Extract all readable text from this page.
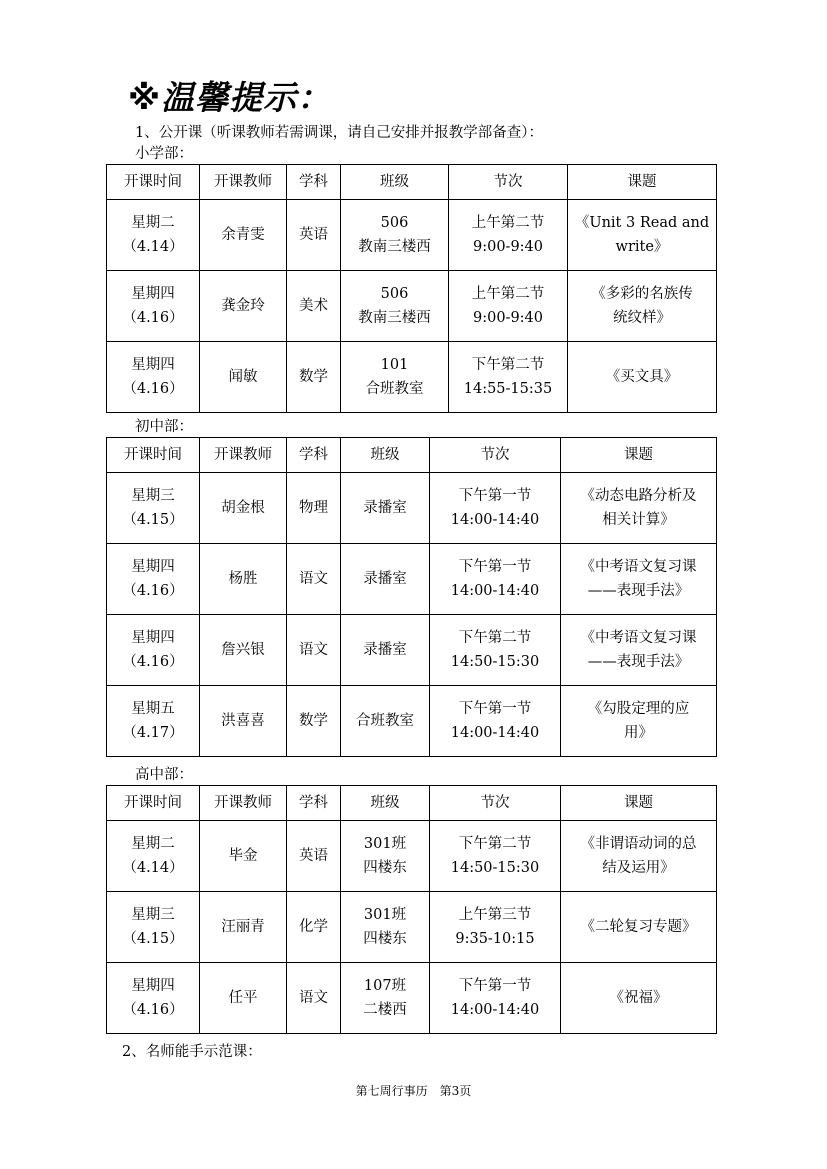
※温馨提示：
1、公开课（听课教师若需调课，请自己安排并报教学部备查）：
小学部：
开课时间	开课教师	学科	班级	节次	课题

星期二
（4.14）	余青雯	英语	506
教南三楼西	上午第二节
9:00-9:40	《Unit 3 Read and
write》

星期四
（4.16）	龚金玲	美术	506
教南三楼西	上午第二节
9:00-9:40	《多彩的名族传
统纹样》

星期四
（4.16）	闻敏	数学	101
合班教室	下午第二节
14:55-15:35	《买文具》
初中部：
开课时间	开课教师	学科	班级	节次	课题

星期三
（4.15）	胡金根	物理	录播室	下午第一节
14:00-14:40	《动态电路分析及
相关计算》

星期四
（4.16）	杨胜	语文	录播室	下午第一节
14:00-14:40	《中考语文复习课
——表现手法》

星期四
（4.16）	詹兴银	语文	录播室	下午第二节
14:50-15:30	《中考语文复习课
——表现手法》

星期五
（4.17）	洪喜喜	数学	合班教室	下午第一节
14:00-14:40	《勾股定理的应
用》
高中部：
开课时间	开课教师	学科	班级	节次	课题

星期二
（4.14）	毕金	英语	301班
四楼东	下午第二节
14:50-15:30	《非谓语动词的总
结及运用》

星期三
（4.15）	汪丽青	化学	301班
四楼东	上午第三节
9:35-10:15	《二轮复习专题》

星期四
（4.16）	任平	语文	107班
二楼西	下午第一节
14:00-14:40	《祝福》
2、名师能手示范课：
第七周行事历　第3页
